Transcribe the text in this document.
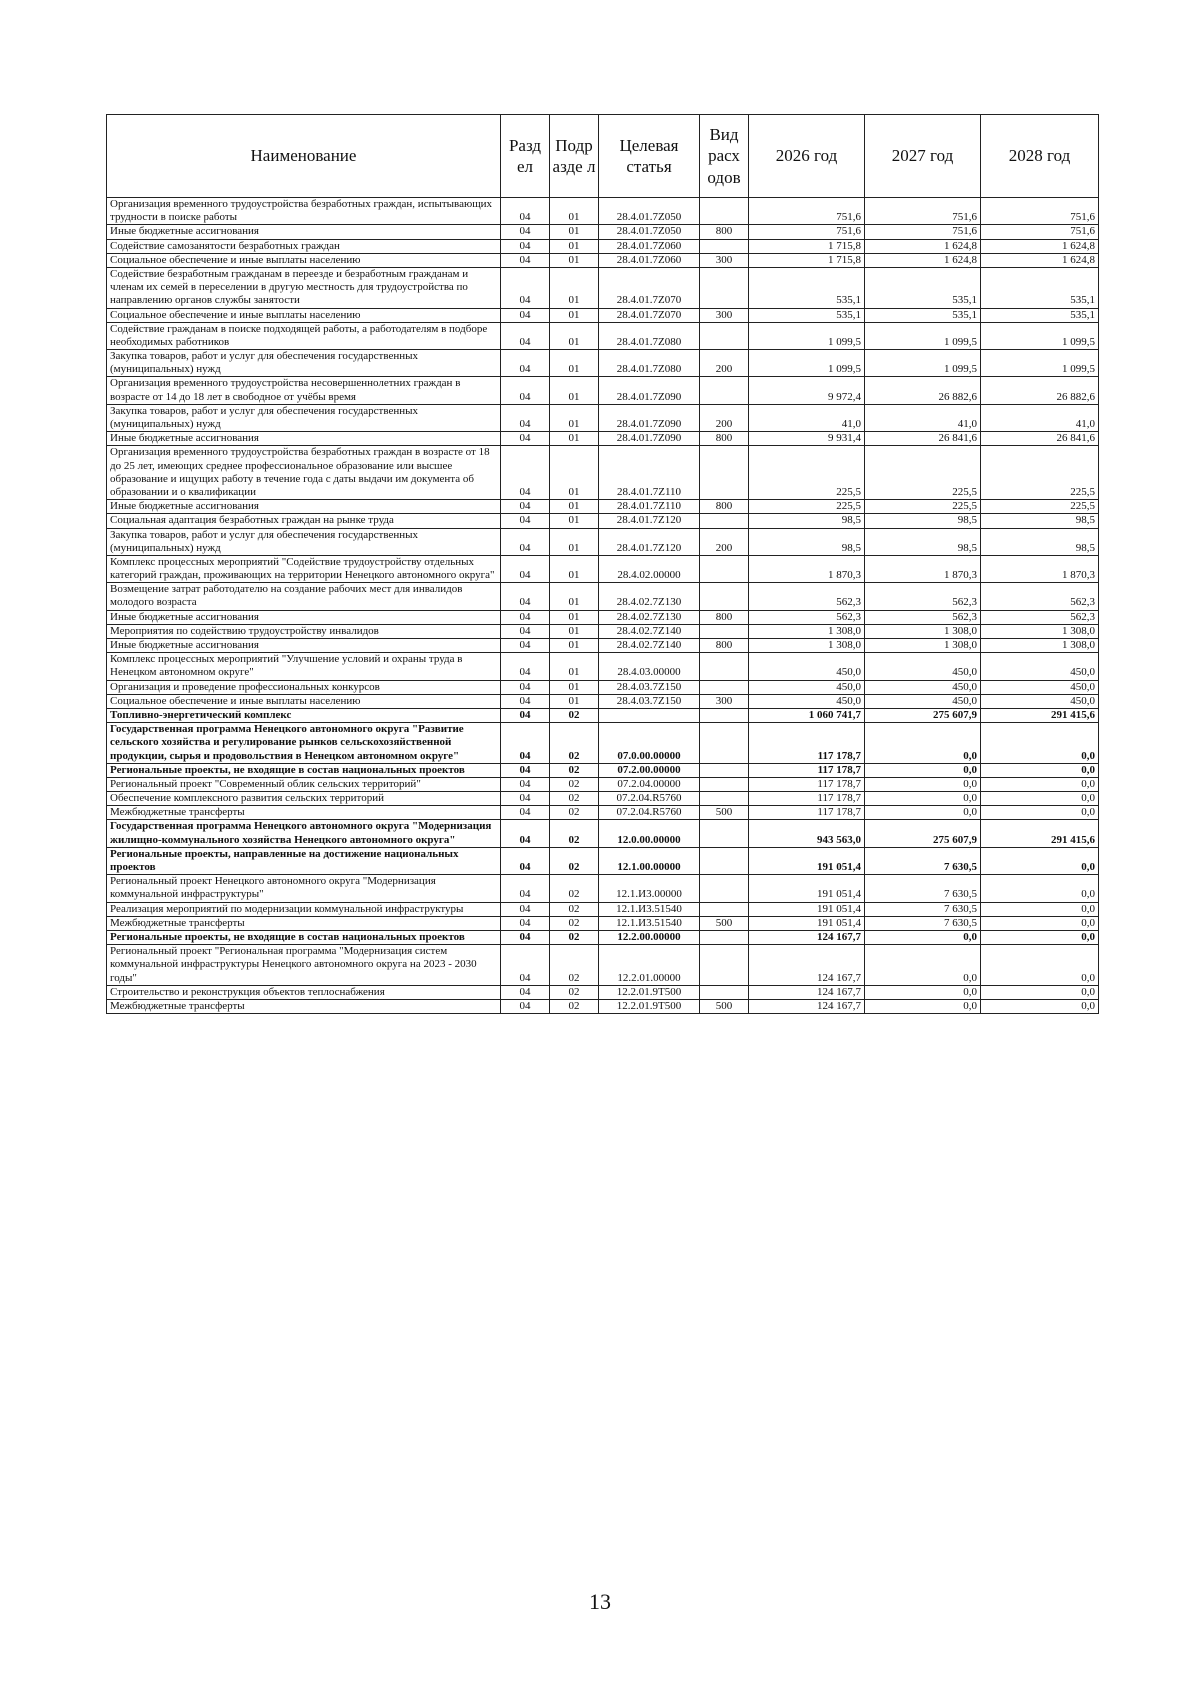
Наименование	Разд ел	Подр азде л	Целевая статья	Вид расх одов	2026 год	2027 год	2028 год
Организация временного трудоустройства безработных граждан, испытывающих трудности в поиске работы	04	01	28.4.01.7Z050		751,6	751,6	751,6
Иные бюджетные ассигнования	04	01	28.4.01.7Z050	800	751,6	751,6	751,6
Содействие самозанятости безработных граждан	04	01	28.4.01.7Z060		1 715,8	1 624,8	1 624,8
Социальное обеспечение и иные выплаты населению	04	01	28.4.01.7Z060	300	1 715,8	1 624,8	1 624,8
Содействие безработным гражданам в переезде и безработным гражданам и членам их семей в переселении в другую местность для трудоустройства по направлению органов службы занятости	04	01	28.4.01.7Z070		535,1	535,1	535,1
Социальное обеспечение и иные выплаты населению	04	01	28.4.01.7Z070	300	535,1	535,1	535,1
Содействие гражданам в поиске подходящей работы, а работодателям в подборе необходимых работников	04	01	28.4.01.7Z080		1 099,5	1 099,5	1 099,5
Закупка товаров, работ и услуг для обеспечения государственных (муниципальных) нужд	04	01	28.4.01.7Z080	200	1 099,5	1 099,5	1 099,5
Организация временного трудоустройства несовершеннолетних граждан в возрасте от 14 до 18 лет в свободное от учёбы время	04	01	28.4.01.7Z090		9 972,4	26 882,6	26 882,6
Закупка товаров, работ и услуг для обеспечения государственных (муниципальных) нужд	04	01	28.4.01.7Z090	200	41,0	41,0	41,0
Иные бюджетные ассигнования	04	01	28.4.01.7Z090	800	9 931,4	26 841,6	26 841,6
Организация временного трудоустройства безработных граждан в возрасте от 18 до 25 лет, имеющих среднее профессиональное образование или высшее образование и ищущих работу в течение года с даты выдачи им документа об образовании и о квалификации	04	01	28.4.01.7Z110		225,5	225,5	225,5
Иные бюджетные ассигнования	04	01	28.4.01.7Z110	800	225,5	225,5	225,5
Социальная адаптация безработных граждан на рынке труда	04	01	28.4.01.7Z120		98,5	98,5	98,5
Закупка товаров, работ и услуг для обеспечения государственных (муниципальных) нужд	04	01	28.4.01.7Z120	200	98,5	98,5	98,5
Комплекс процессных мероприятий "Содействие трудоустройству отдельных категорий граждан, проживающих на территории Ненецкого автономного округа"	04	01	28.4.02.00000		1 870,3	1 870,3	1 870,3
Возмещение затрат работодателю на создание рабочих мест для инвалидов молодого возраста	04	01	28.4.02.7Z130		562,3	562,3	562,3
Иные бюджетные ассигнования	04	01	28.4.02.7Z130	800	562,3	562,3	562,3
Мероприятия по содействию трудоустройству инвалидов	04	01	28.4.02.7Z140		1 308,0	1 308,0	1 308,0
Иные бюджетные ассигнования	04	01	28.4.02.7Z140	800	1 308,0	1 308,0	1 308,0
Комплекс процессных мероприятий "Улучшение условий и охраны труда в Ненецком автономном округе"	04	01	28.4.03.00000		450,0	450,0	450,0
Организация и проведение профессиональных конкурсов	04	01	28.4.03.7Z150		450,0	450,0	450,0
Социальное обеспечение и иные выплаты населению	04	01	28.4.03.7Z150	300	450,0	450,0	450,0
Топливно-энергетический комплекс	04	02			1 060 741,7	275 607,9	291 415,6
Государственная программа Ненецкого автономного округа "Развитие сельского хозяйства и регулирование рынков сельскохозяйственной продукции, сырья и продовольствия в Ненецком автономном округе"	04	02	07.0.00.00000		117 178,7	0,0	0,0
Региональные проекты, не входящие в состав национальных проектов	04	02	07.2.00.00000		117 178,7	0,0	0,0
Региональный проект "Современный облик сельских территорий"	04	02	07.2.04.00000		117 178,7	0,0	0,0
Обеспечение комплексного развития сельских территорий	04	02	07.2.04.R5760		117 178,7	0,0	0,0
Межбюджетные трансферты	04	02	07.2.04.R5760	500	117 178,7	0,0	0,0
Государственная программа Ненецкого автономного округа "Модернизация жилищно-коммунального хозяйства Ненецкого автономного округа"	04	02	12.0.00.00000		943 563,0	275 607,9	291 415,6
Региональные проекты, направленные на достижение национальных проектов	04	02	12.1.00.00000		191 051,4	7 630,5	0,0
Региональный проект Ненецкого автономного округа "Модернизация коммунальной инфраструктуры"	04	02	12.1.И3.00000		191 051,4	7 630,5	0,0
Реализация мероприятий по модернизации коммунальной инфраструктуры	04	02	12.1.И3.51540		191 051,4	7 630,5	0,0
Межбюджетные трансферты	04	02	12.1.И3.51540	500	191 051,4	7 630,5	0,0
Региональные проекты, не входящие в состав национальных проектов	04	02	12.2.00.00000		124 167,7	0,0	0,0
Региональный проект "Региональная программа "Модернизация систем коммунальной инфраструктуры Ненецкого автономного округа на 2023 - 2030 годы"	04	02	12.2.01.00000		124 167,7	0,0	0,0
Строительство и реконструкция объектов теплоснабжения	04	02	12.2.01.9Т500		124 167,7	0,0	0,0
Межбюджетные трансферты	04	02	12.2.01.9Т500	500	124 167,7	0,0	0,0
13
